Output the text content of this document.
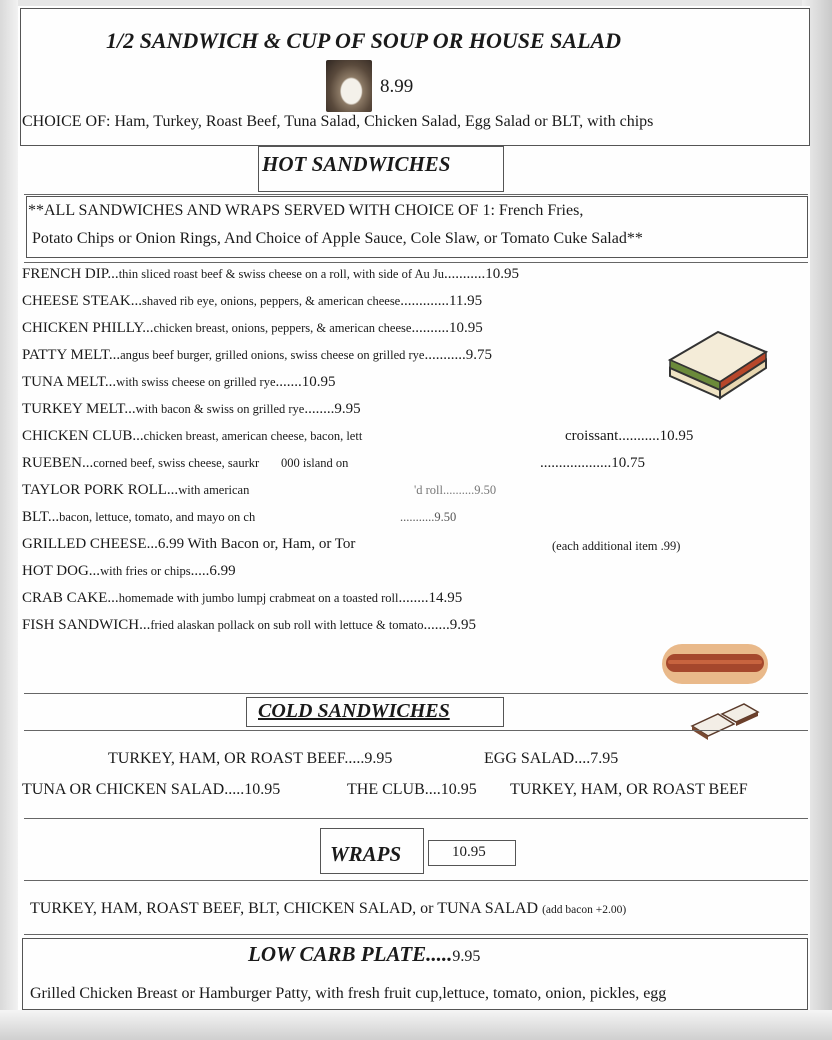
1/2 SANDWICH & CUP OF SOUP OR HOUSE SALAD
8.99
CHOICE OF: Ham, Turkey, Roast Beef, Tuna Salad, Chicken Salad, Egg Salad or BLT, with chips
HOT SANDWICHES
**ALL SANDWICHES AND WRAPS SERVED WITH CHOICE OF 1: French Fries,
Potato Chips or Onion Rings, And Choice of Apple Sauce, Cole Slaw, or Tomato Cuke Salad**
FRENCH DIP...thin sliced roast beef & swiss cheese on a roll, with side of Au Ju...........10.95
CHEESE STEAK...shaved rib eye, onions, peppers, & american cheese.............11.95
CHICKEN PHILLY...chicken breast, onions, peppers, & american cheese..........10.95
PATTY MELT...angus beef burger, grilled onions, swiss cheese on grilled rye...........9.75
TUNA MELT...with swiss cheese on grilled rye.......10.95
TURKEY MELT...with bacon & swiss on grilled rye........9.95
CHICKEN CLUB...chicken breast, american cheese, bacon, lett	croissant...........10.95
RUEBEN...corned beef, swiss cheese, saurkr       000 island on	...................10.75
TAYLOR PORK ROLL...with american	'd roll..........9.50
BLT...bacon, lettuce, tomato, and mayo on ch	...........9.50
GRILLED CHEESE...6.99 With Bacon or, Ham, or Tor	(each additional item .99)
HOT DOG...with fries or chips.....6.99
CRAB CAKE...homemade with jumbo lumpj crabmeat on a toasted roll........14.95
FISH SANDWICH...fried alaskan pollack on sub roll with lettuce & tomato.......9.95
COLD SANDWICHES
TURKEY, HAM, OR ROAST BEEF.....9.95	EGG SALAD....7.95
TUNA OR CHICKEN SALAD.....10.95	THE CLUB....10.95 TURKEY, HAM, OR ROAST BEEF
WRAPS	10.95
TURKEY, HAM, ROAST BEEF, BLT, CHICKEN SALAD, or TUNA SALAD (add bacon +2.00)
LOW CARB PLATE.....9.95
Grilled Chicken Breast or Hamburger Patty, with fresh fruit cup,lettuce, tomato, onion, pickles, egg
